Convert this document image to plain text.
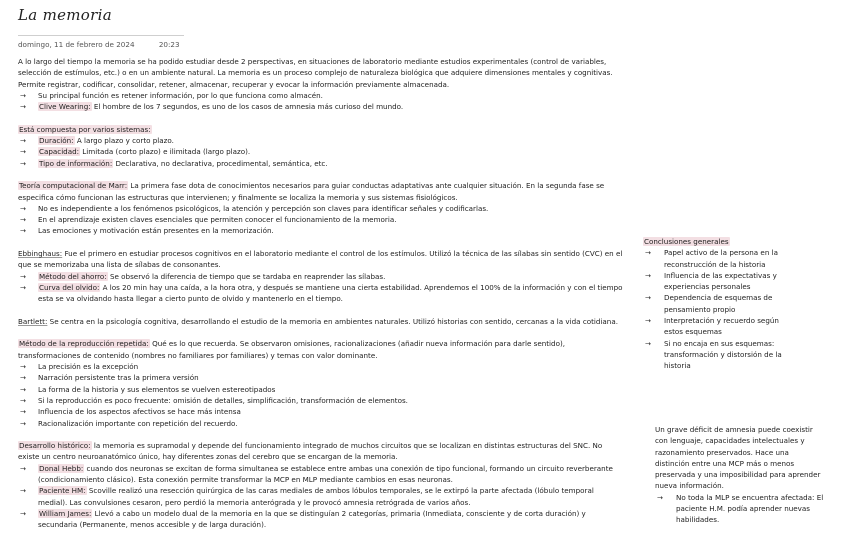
La memoria
domingo, 11 de febrero de 2024	20:23

A lo largo del tiempo la memoria se ha podido estudiar desde 2 perspectivas, en situaciones de laboratorio mediante estudios experimentales (control de variables, selección de estímulos, etc.) o en un ambiente natural. La memoria es un proceso complejo de naturaleza biológica que adquiere dimensiones mentales y cognitivas. Permite registrar, codificar, consolidar, retener, almacenar, recuperar y evocar la información previamente almacenada.

→	Su principal función es retener información, por lo que funciona como almacén.
→	Clive Wearing: El hombre de los 7 segundos, es uno de los casos de amnesia más curioso del mundo.

Está compuesta por varios sistemas:

→	Duración: A largo plazo y corto plazo.
→	Capacidad: Limitada (corto plazo) e ilimitada (largo plazo).
→	Tipo de información: Declarativa, no declarativa, procedimental, semántica, etc.

Teoría computacional de Marr: La primera fase dota de conocimientos necesarios para guiar conductas adaptativas ante cualquier situación. En la segunda fase se especifica cómo funcionan las estructuras que intervienen; y finalmente se localiza la memoria y sus sistemas fisiológicos.

→	No es independiente a los fenómenos psicológicos, la atención y percepción son claves para identificar señales y codificarlas.
→	En el aprendizaje existen claves esenciales que permiten conocer el funcionamiento de la memoria.
→	Las emociones y motivación están presentes en la memorización.

Ebbinghaus: Fue el primero en estudiar procesos cognitivos en el laboratorio mediante el control de los estímulos. Utilizó la técnica de las sílabas sin sentido (CVC) en el que se memorizaba una lista de sílabas de consonantes.

→	Método del ahorro: Se observó la diferencia de tiempo que se tardaba en reaprender las sílabas.
→	Curva del olvido: A los 20 min hay una caída, a la hora otra, y después se mantiene una cierta estabilidad. Aprendemos el 100% de la información y con el tiempo esta se va olvidando hasta llegar a cierto punto de olvido y mantenerlo en el tiempo.

Bartlett: Se centra en la psicología cognitiva, desarrollando el estudio de la memoria en ambientes naturales. Utilizó historias con sentido, cercanas a la vida cotidiana.

Método de la reproducción repetida: Qué es lo que recuerda. Se observaron omisiones, racionalizaciones (añadir nueva información para darle sentido), transformaciones de contenido (nombres no familiares por familiares) y temas con valor dominante.

→	La precisión es la excepción
→	Narración persistente tras la primera versión
→	La forma de la historia y sus elementos se vuelven estereotipados
→	Si la reproducción es poco frecuente: omisión de detalles, simplificación, transformación de elementos.
→	Influencia de los aspectos afectivos se hace más intensa
→	Racionalización importante con repetición del recuerdo.

Desarrollo histórico: la memoria es supramodal y depende del funcionamiento integrado de muchos circuitos que se localizan en distintas estructuras del SNC. No existe un centro neuroanatómico único, hay diferentes zonas del cerebro que se encargan de la memoria.

→	Donal Hebb: cuando dos neuronas se excitan de forma simultanea se establece entre ambas una conexión de tipo funcional, formando un circuito reverberante (condicionamiento clásico). Esta conexión permite transformar la MCP en MLP mediante cambios en esas neuronas.
→	Paciente HM: Scoville realizó una resección quirúrgica de las caras mediales de ambos lóbulos temporales, se le extirpó la parte afectada (lóbulo temporal medial). Las convulsiones cesaron, pero perdió la memoria anterógrada y le provocó amnesia retrógrada de varios años.
→	William James: Llevó a cabo un modelo dual de la memoria en la que se distinguían 2 categorías, primaria (Inmediata, consciente y de corta duración) y secundaria (Permanente, menos accesible y de larga duración).

Conclusiones generales

→	Papel activo de la persona en la reconstrucción de la historia
→	Influencia de las expectativas y experiencias personales
→	Dependencia de esquemas de pensamiento propio
→	Interpretación y recuerdo según estos esquemas
→	Si no encaja en sus esquemas: transformación y distorsión de la historia

Un grave déficit de amnesia puede coexistir con lenguaje, capacidades intelectuales y razonamiento preservados. Hace una distinción entre una MCP más o menos preservada y una imposibilidad para aprender nueva información.

→	No toda la MLP se encuentra afectada: El paciente H.M. podía aprender nuevas habilidades.
